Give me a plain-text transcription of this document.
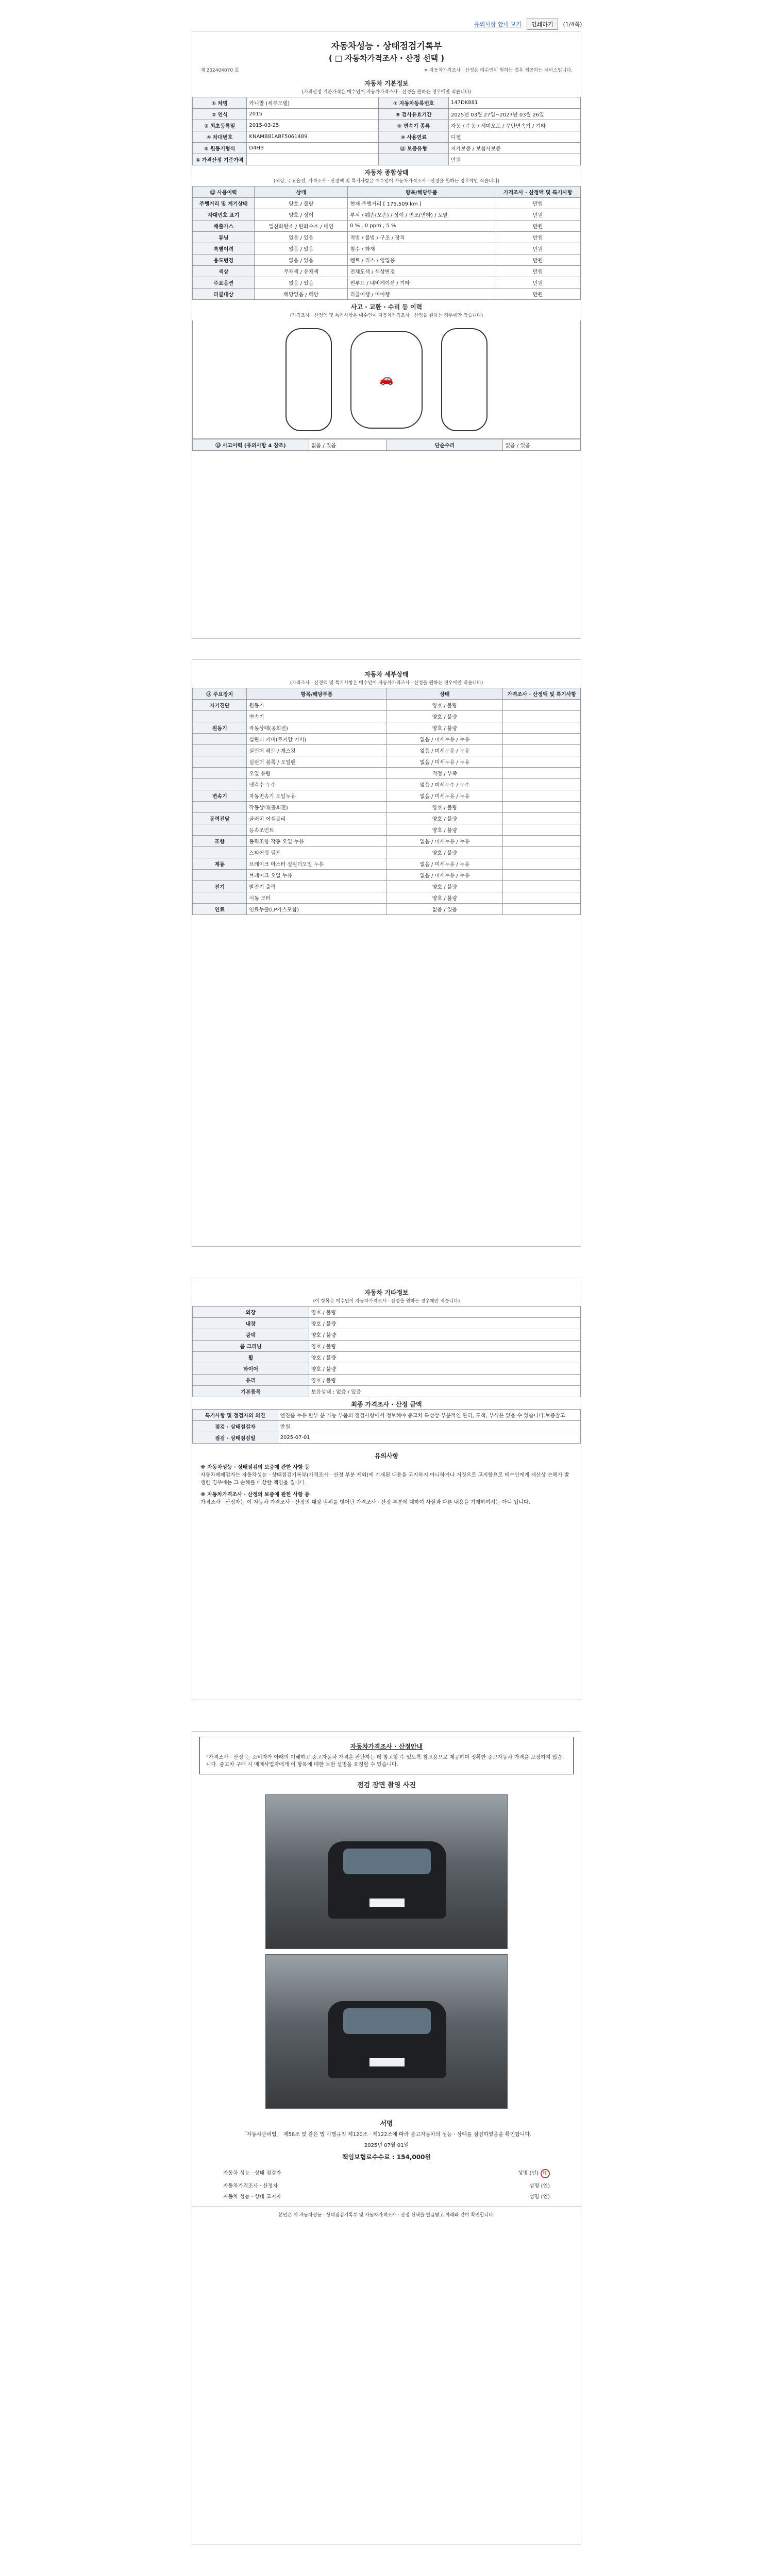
유의사항 안내 보기	인쇄하기	(1/4쪽)
자동차성능 · 상태점검기록부
( □ 자동차가격조사 · 산정 선택 )
제 202404070 호	※ 자동차가격조사 · 산정은 매수인이 원하는 경우 제공하는 서비스입니다.
자동차 기본정보
(가격산정 기준가격은 매수인이 자동차가격조사 · 산정을 원하는 경우에만 적습니다)
① 차명	카니발 (세부모델)	⑦ 자동차등록번호	147DK881
② 연식	2015	⑧ 검사유효기간	2025년 03월 27일~2027년 03월 26일
③ 최초등록일	2015-03-25	⑨ 변속기 종류	자동 / 수동 / 세미오토 / 무단변속기 / 기타
④ 차대번호	KNAMB81ABF5061489	⑩ 사용연료	디젤
⑤ 원동기형식	D4HB	⑪ 보증유형	자가보증 / 보험사보증
⑥ 가격산정 기준가격			만원
자동차 종합상태
(색상, 주요옵션, 가격조사 · 산정액 및 특기사항은 매수인이 자동차가격조사 · 산정을 원하는 경우에만 적습니다)
⑫ 사용이력	상태	항목/해당부품	가격조사 · 산정액 및 특기사항
주행거리 및 계기상태	양호 / 불량	현재 주행거리 [ 175,509 km ]	만원
차대번호 표기	양호 / 상이	부식 / 훼손(오손) / 상이 / 변조(변타) / 도말	만원
배출가스	일산화탄소 / 탄화수소 / 매연	0 % , 0 ppm , 5 %	만원
튜닝	없음 / 있음	적법 / 불법 / 구조 / 장치	만원
특별이력	없음 / 있음	침수 / 화재	만원
용도변경	없음 / 있음	렌트 / 리스 / 영업용	만원
색상	무채색 / 유채색	전체도색 / 색상변경	만원
주요옵션	없음 / 있음	썬루프 / 네비게이션 / 기타	만원
리콜대상	해당없음 / 해당	리콜이행 / 미이행	만원
사고 · 교환 · 수리 등 이력
(가격조사 · 산정액 및 특기사항은 매수인이 자동차가격조사 · 산정을 원하는 경우에만 적습니다)
🚗
⑬ 사고이력 (유의사항 4 참조)	없음 / 있음	단순수리	없음 / 있음
자동차 세부상태
(가격조사 · 산정액 및 특기사항은 매수인이 자동차가격조사 · 산정을 원하는 경우에만 적습니다)
⑭ 주요장치	항목/해당부품	상태	가격조사 · 산정액 및 특기사항
자기진단	원동기	양호 / 불량	
	변속기	양호 / 불량	
원동기	작동상태(공회전)	양호 / 불량	
	실린더 커버(로커암 커버)	없음 / 미세누유 / 누유	
	실린더 헤드 / 개스킷	없음 / 미세누유 / 누유	
	실린더 블록 / 오일팬	없음 / 미세누유 / 누유	
	오일 유량	적정 / 부족	
	냉각수 누수	없음 / 미세누수 / 누수	
변속기	자동변속기 오일누유	없음 / 미세누유 / 누유	
	작동상태(공회전)	양호 / 불량	
동력전달	클러치 어셈블리	양호 / 불량	
	등속조인트	양호 / 불량	
조향	동력조향 작동 오일 누유	없음 / 미세누유 / 누유	
	스티어링 펌프	양호 / 불량	
제동	브레이크 마스터 실린더오일 누유	없음 / 미세누유 / 누유	
	브레이크 오일 누유	없음 / 미세누유 / 누유	
전기	발전기 출력	양호 / 불량	
	시동 모터	양호 / 불량	
연료	연료누출(LP가스포함)	없음 / 있음	
자동차 기타정보
(이 항목은 매수인이 자동차가격조사 · 산정을 원하는 경우에만 적습니다)
외장	양호 / 불량
내장	양호 / 불량
광택	양호 / 불량
룸 크리닝	양호 / 불량
휠	양호 / 불량
타이어	양호 / 불량
유리	양호 / 불량
기본품목	보유상태 : 없음 / 있음
최종 가격조사 · 산정 금액
특기사항 및 점검자의 의견	엔진룸 누유 할부 분 가능 부품의 점검사항에서 정보해야 중고차 특성상 부분적인 관리, 도색, 부식은 있을 수 있습니다.보증참고
점검 · 상태점검자	만원
점검 · 상태점검일	2025-07-01
유의사항
※ 자동차성능 · 상태점검의 보증에 관한 사항 등
자동차매매업자는 자동차성능 · 상태점검기록부(가격조사 · 산정 부분 제외)에 기재된 내용을 고지하지 아니하거나 거짓으로 고지함으로 매수인에게 재산상 손해가 발생한 경우에는 그 손해를 배상할 책임을 집니다.
※ 자동차가격조사 · 산정의 보증에 관한 사항 등
가격조사 · 산정자는 이 자동차 가격조사 · 산정의 대상 범위를 벗어난 가격조사 · 산정 부분에 대하여 사실과 다른 내용을 기재하여서는 아니 됩니다.
자동차가격조사 · 산정안내
"가격조사 · 산정"는 소비자가 아래의 이해하고 중고자동차 가격을 판단하는 데 참고할 수 있도록 참고용으로 제공하며 정확한 중고자동차 가격을 보장하지 않습니다. 중고차 구매 시 매매사업자에게 이 항목에 대한 보완 설명을 요청할 수 있습니다.
점검 장면 촬영 사진
서명
「자동차관리법」 제58조 및 같은 법 시행규칙 제120조 · 제122조에 따라 중고자동차의 성능 · 상태를 점검하였음을 확인합니다.
2025년 07월 01일
책임보험료수수료 : 154,000원
자동차 성능 · 상태 점검자	성명 (인) 印
자동차가격조사 · 산정자	성명 (인)
자동차 성능 · 상태 고지자	성명 (인)
본인은 위 자동차성능 · 상태점검기록부 및 자동차가격조사 · 산정 선택을 발급받고 아래와 같이 확인합니다.
